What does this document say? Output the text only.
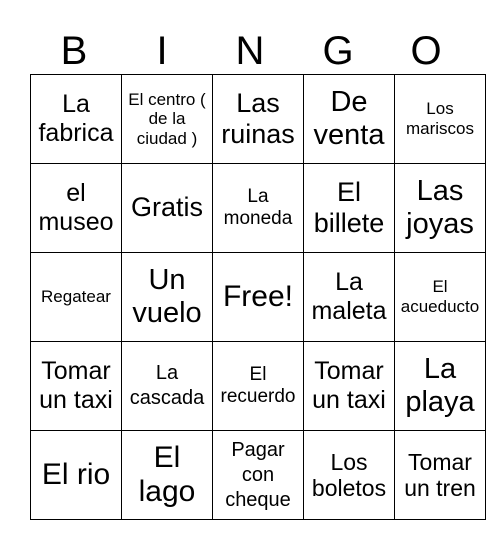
B	I	N	G	O
La fabrica	El centro ( de la ciudad )	Las ruinas	De venta	Los mariscos
el museo	Gratis	La moneda	El billete	Las joyas
Regatear	Un vuelo	Free!	La maleta	El acueducto
Tomar un taxi	La cascada	El recuerdo	Tomar un taxi	La playa
El rio	El lago	Pagar con cheque	Los boletos	Tomar un tren
